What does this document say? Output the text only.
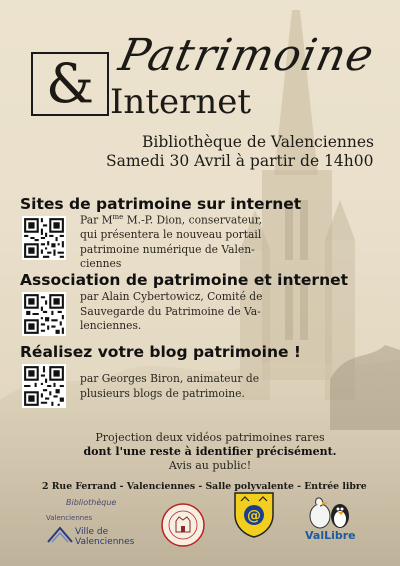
& Patrimoine
Internet
Bibliothèque de Valenciennes
Samedi 30 Avril à partir de 14h00
Sites de patrimoine sur internet
Par $M^{me}$ M.-P. Dion, conservateur,
qui présentera le nouveau portail
patrimoine numérique de Valen-
ciennes
Association de patrimoine et internet
par Alain Cybertowicz, Comité de
Sauvegarde du Patrimoine de Va-
lenciennes.
Réalisez votre blog patrimoine !
par Georges Biron, animateur de
plusieurs blogs de patrimoine.
Projection deux vidéos patrimoines rares
dont l'une reste à identifier précisément.
Avis au public!
2 Rue Ferrand - Valenciennes - Salle polyvalente - Entrée libre
Bibliothèque
Valenciennes
Ville de
Valenciennes
@
ValLibre
